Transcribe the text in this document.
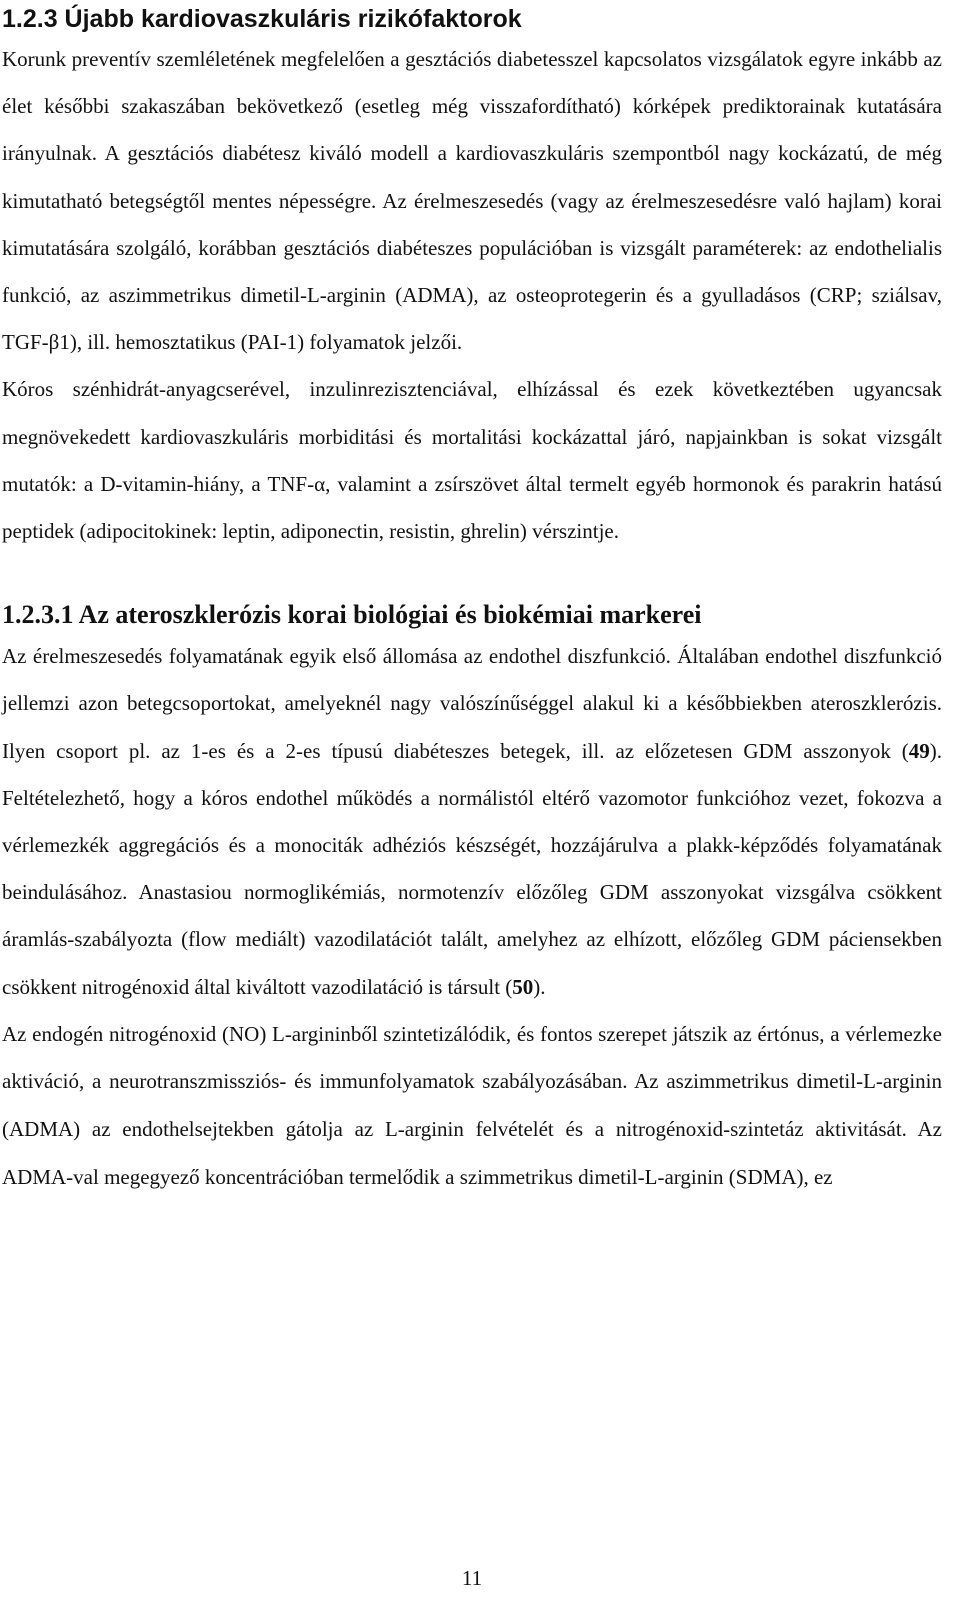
1.2.3 Újabb kardiovaszkuláris rizikófaktorok

Korunk preventív szemléletének megfelelően a gesztációs diabetesszel kapcsolatos vizsgálatok egyre inkább az élet későbbi szakaszában bekövetkező (esetleg még visszafordítható) kórképek prediktorainak kutatására irányulnak. A gesztációs diabétesz kiváló modell a kardiovaszkuláris szempontból nagy kockázatú, de még kimutatható betegségtől mentes népességre. Az érelmeszesedés (vagy az érelmeszesedésre való hajlam) korai kimutatására szolgáló, korábban gesztációs diabéteszes populációban is vizsgált paraméterek: az endothelialis funkció, az aszimmetrikus dimetil-L-arginin (ADMA), az osteoprotegerin és a gyulladásos (CRP; sziálsav, TGF-β1), ill. hemosztatikus (PAI-1) folyamatok jelzői.

Kóros szénhidrát-anyagcserével, inzulinrezisztenciával, elhízással és ezek következtében ugyancsak megnövekedett kardiovaszkuláris morbiditási és mortalitási kockázattal járó, napjainkban is sokat vizsgált mutatók: a D-vitamin-hiány, a TNF-α, valamint a zsírszövet által termelt egyéb hormonok és parakrin hatású peptidek (adipocitokinek: leptin, adiponectin, resistin, ghrelin) vérszintje.

1.2.3.1 Az ateroszklerózis korai biológiai és biokémiai markerei

Az érelmeszesedés folyamatának egyik első állomása az endothel diszfunkció. Általában endothel diszfunkció jellemzi azon betegcsoportokat, amelyeknél nagy valószínűséggel alakul ki a későbbiekben ateroszklerózis. Ilyen csoport pl. az 1-es és a 2-es típusú diabéteszes betegek, ill. az előzetesen GDM asszonyok (49). Feltételezhető, hogy a kóros endothel működés a normálistól eltérő vazomotor funkcióhoz vezet, fokozva a vérlemezkék aggregációs és a monociták adhéziós készségét, hozzájárulva a plakk-képződés folyamatának beindulásához. Anastasiou normoglikémiás, normotenzív előzőleg GDM asszonyokat vizsgálva csökkent áramlás-szabályozta (flow mediált) vazodilatációt talált, amelyhez az elhízott, előzőleg GDM páciensekben csökkent nitrogénoxid által kiváltott vazodilatáció is társult (50).

Az endogén nitrogénoxid (NO) L-argininből szintetizálódik, és fontos szerepet játszik az értónus, a vérlemezke aktiváció, a neurotranszmissziós- és immunfolyamatok szabályozásában. Az aszimmetrikus dimetil-L-arginin (ADMA) az endothelsejtekben gátolja az L-arginin felvételét és a nitrogénoxid-szintetáz aktivitását. Az ADMA-val megegyező koncentrációban termelődik a szimmetrikus dimetil-L-arginin (SDMA), ez

11
